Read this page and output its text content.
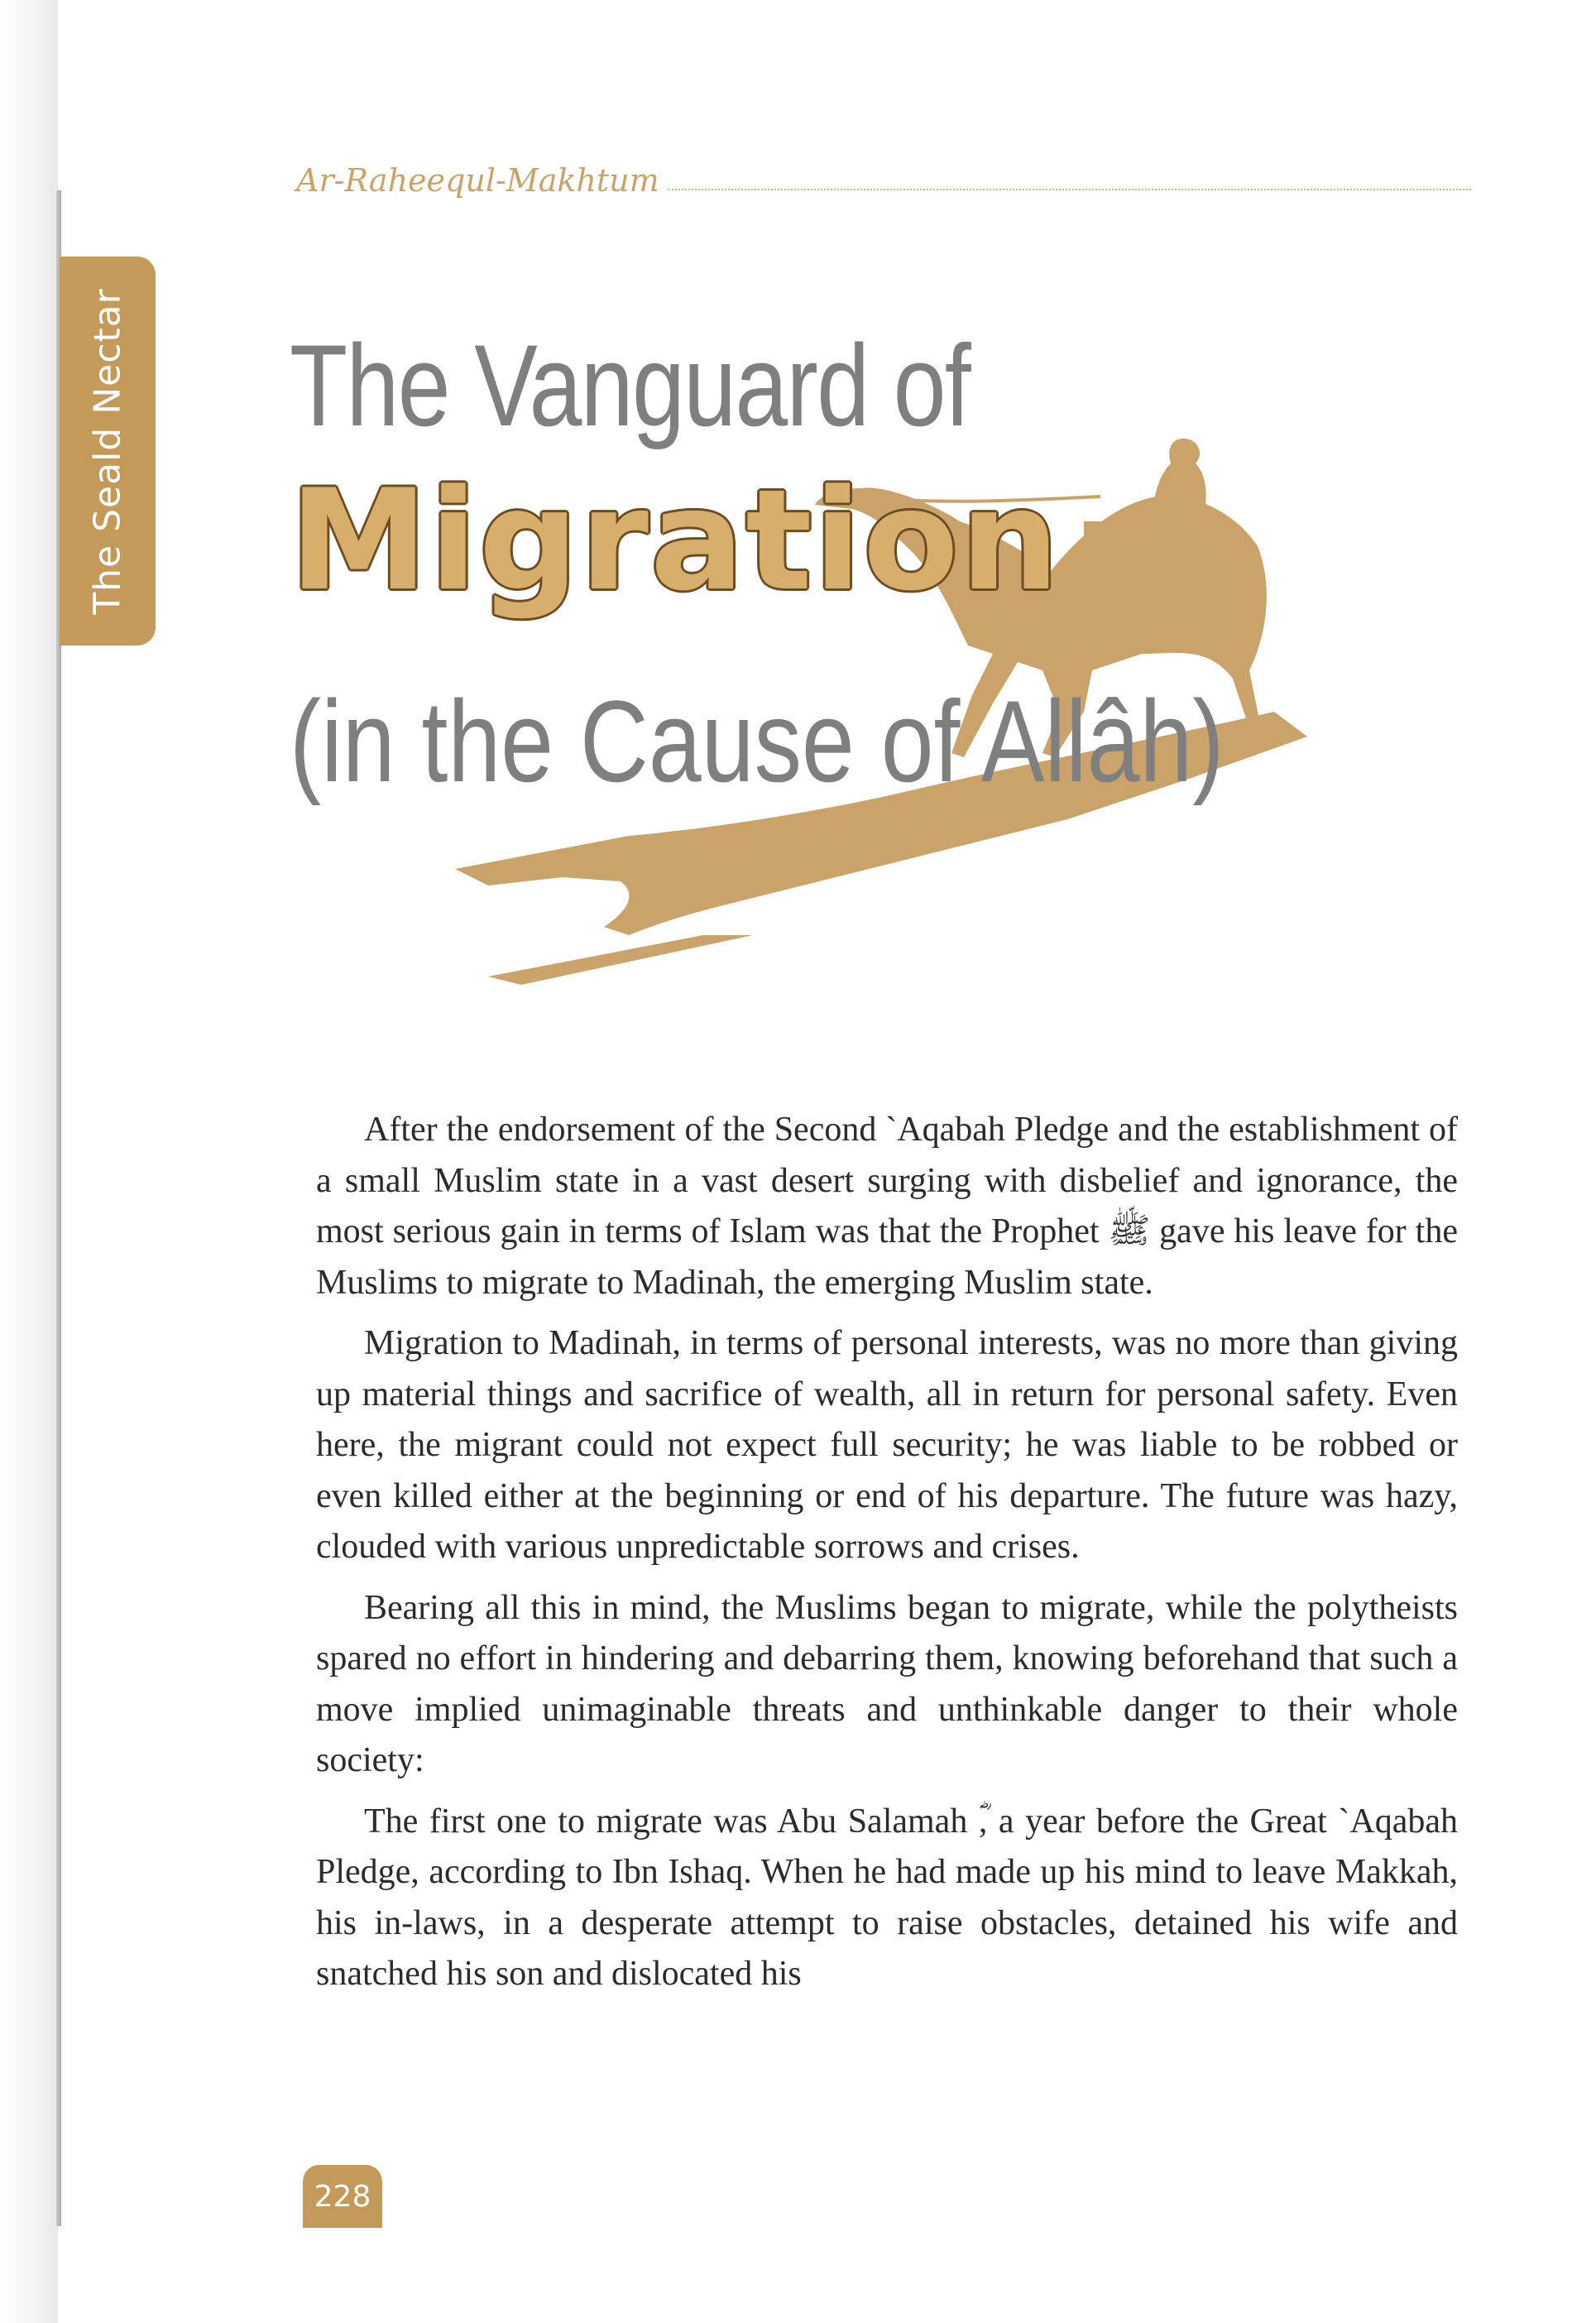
The Seald Nectar
Ar-Raheequl-Makhtum
The Vanguard of
Migration
(in the Cause of Allâh)

After the endorsement of the Second `Aqabah Pledge and the establishment of a small Muslim state in a vast desert surging with disbelief and ignorance, the most serious gain in terms of Islam was that the Prophet ﷺ gave his leave for the Muslims to migrate to Madinah, the emerging Muslim state.

Migration to Madinah, in terms of personal interests, was no more than giving up material things and sacrifice of wealth, all in return for personal safety. Even here, the migrant could not expect full security; he was liable to be robbed or even killed either at the beginning or end of his departure. The future was hazy, clouded with various unpredictable sorrows and crises.

Bearing all this in mind, the Muslims began to migrate, while the polytheists spared no effort in hindering and debarring them, knowing beforehand that such a move implied unimaginable threats and unthinkable danger to their whole society:

The first one to migrate was Abu Salamah ؓ, a year before the Great `Aqabah Pledge, according to Ibn Ishaq. When he had made up his mind to leave Makkah, his in-laws, in a desperate attempt to raise obstacles, detained his wife and snatched his son and dislocated his

228
